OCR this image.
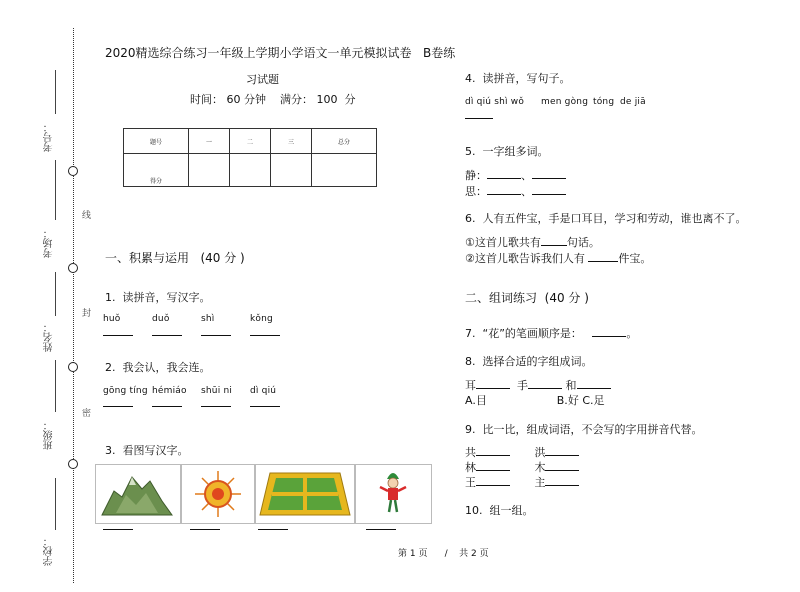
考号：
考场：
姓名：
班级：
学校：
线
封
密
2020精选综合练习一年级上学期小学语文一单元模拟试卷 B卷练
习试题
时间： 60 分钟 满分： 100 分
题号	一	二	三	总分
得分				
一、积累与运用 (40 分 )
1. 读拼音，写汉字。
huǒ	duǒ	shì	kǒng
2. 我会认，我会连。
gōng tíng hémiáo shūi ni dì qiú
3. 看图写汉字。
4. 读拼音，写句子。
dì qiú shì wǒ men gòng tóng de jiā
5. 一字组多词。
静：	、
思：	、
6. 人有五件宝，手是口耳目，学习和劳动，谁也离不了。
①这首儿歌共有 句话。
②这首儿歌告诉我们人有	件宝。
二、组词练习 (40 分 )
7. “花”的笔画顺序是：	。
8. 选择合适的字组成词。
耳	手	和
A.目	B.好 C.足
9. 比一比，组成词语，不会写的字用拼音代替。
共	洪
林	木
王	主
10. 组一组。
第 1 页 / 共 2 页
